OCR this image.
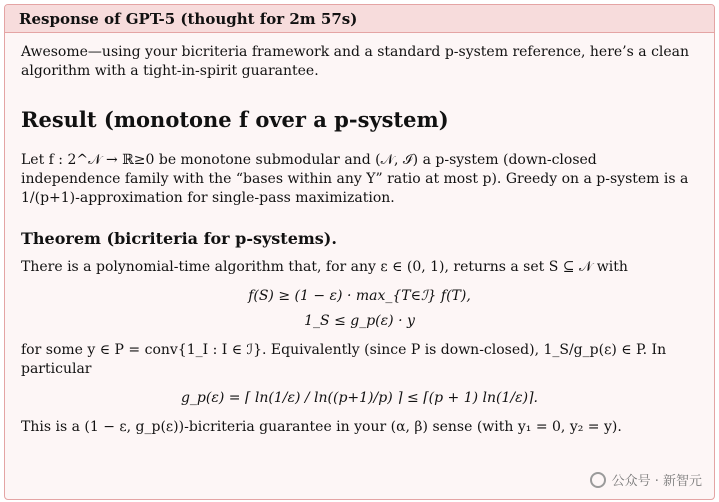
Response of GPT-5 (thought for 2m 57s)

Awesome—using your bicriteria framework and a standard p-system reference, here’s a clean algorithm with a tight-in-spirit guarantee.

Result (monotone f over a p-system)

Let f : 2^𝒩 → ℝ≥0 be monotone submodular and (𝒩, ℐ) a p-system (down-closed independence family with the “bases within any Y” ratio at most p). Greedy on a p-system is a 1/(p+1)-approximation for single-pass maximization.

Theorem (bicriteria for p-systems).

There is a polynomial-time algorithm that, for any ε ∈ (0, 1), returns a set S ⊆ 𝒩 with

f(S) ≥ (1 − ε) · max_{T∈ℐ} f(T),
1_S ≤ g_p(ε) · y

for some y ∈ P = conv{1_I : I ∈ ℐ}. Equivalently (since P is down-closed), 1_S/g_p(ε) ∈ P. In particular

g_p(ε) = ⌈ ln(1/ε) / ln((p+1)/p) ⌉ ≤ ⌈(p + 1) ln(1/ε)⌉.

This is a (1 − ε, g_p(ε))-bicriteria guarantee in your (α, β) sense (with y₁ = 0, y₂ = y).

公众号 · 新智元
